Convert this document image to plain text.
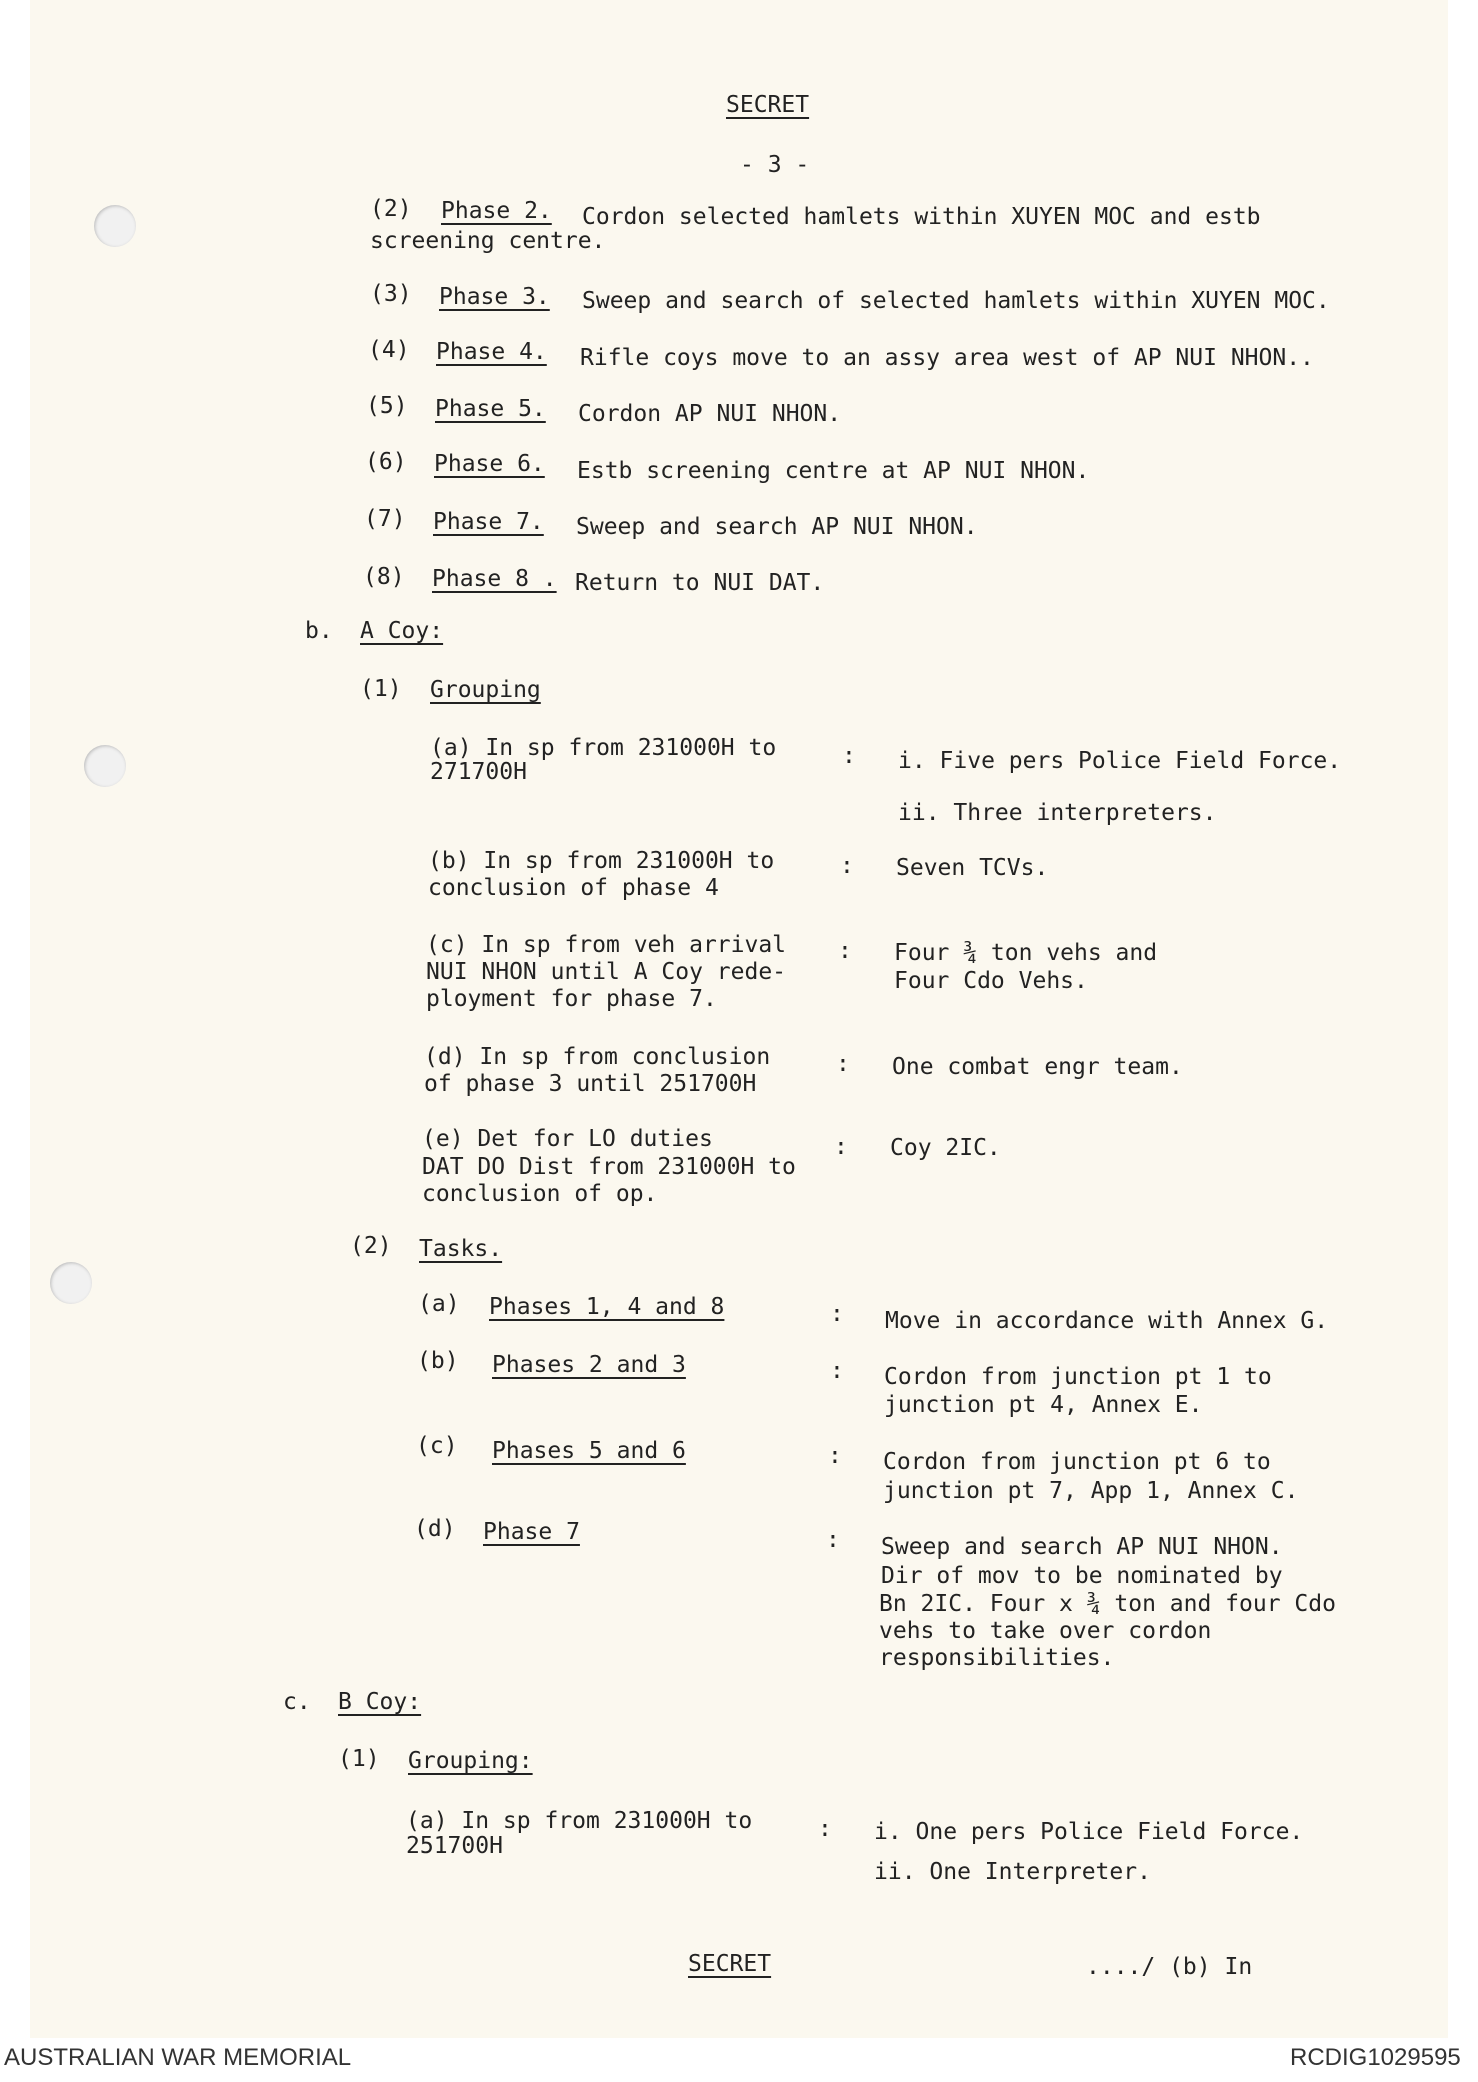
SECRET
- 3 -
(2) Phase 2. Cordon selected hamlets within XUYEN MOC and estb
screening centre.
(3) Phase 3. Sweep and search of selected hamlets within XUYEN MOC.
(4) Phase 4. Rifle coys move to an assy area west of AP NUI NHON..
(5) Phase 5. Cordon AP NUI NHON.
(6) Phase 6. Estb screening centre at AP NUI NHON.
(7) Phase 7. Sweep and search AP NUI NHON.
(8) Phase 8 . Return to NUI DAT.
b. A Coy:
(1) Grouping
(a) In sp from 231000H to
271700H
: i. Five pers Police Field Force.
ii. Three interpreters.
(b) In sp from 231000H to
conclusion of phase 4
: Seven TCVs.
(c) In sp from veh arrival
NUI NHON until A Coy rede-
ployment for phase 7.
: Four ¾ ton vehs and
Four Cdo Vehs.
(d) In sp from conclusion
of phase 3 until 251700H
: One combat engr team.
(e) Det for LO duties
DAT DO Dist from 231000H to
conclusion of op.
: Coy 2IC.
(2) Tasks.
(a) Phases 1, 4 and 8	: Move in accordance with Annex G.
(b) Phases 2 and 3	: Cordon from junction pt 1 to
junction pt 4, Annex E.
(c) Phases 5 and 6	: Cordon from junction pt 6 to
junction pt 7, App 1, Annex C.
(d) Phase 7	: Sweep and search AP NUI NHON.
Dir of mov to be nominated by
Bn 2IC. Four x ¾ ton and four Cdo
vehs to take over cordon
responsibilities.
c. B Coy:
(1) Grouping:
(a) In sp from 231000H to
251700H
: i. One pers Police Field Force.
ii. One Interpreter.
SECRET	..../ (b) In
AUSTRALIAN WAR MEMORIAL	RCDIG1029595
